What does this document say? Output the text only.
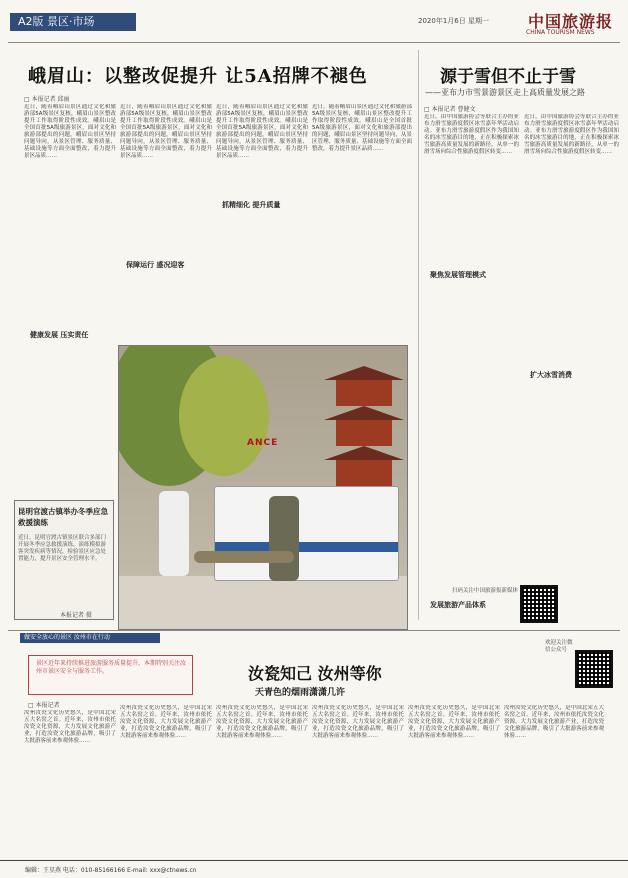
A2版 景区·市场	2020年1月6日 星期一 中国旅游报
CHINA TOURISM NEWS
峨眉山：以整改促提升 让5A招牌不褪色
□ 本报记者 邱丽
近日，随着峨眉山景区通过文化和旅游部5A级景区复核，峨眉山景区整改提升工作取得阶段性成效。峨眉山是全国首批5A级旅游景区，面对文化和旅游部提出的问题，峨眉山景区坚持问题导向，从景区管理、服务质量、基础设施等方面全面整改，着力提升景区品质……
健康发展 压实责任
近日，随着峨眉山景区通过文化和旅游部5A级景区复核，峨眉山景区整改提升工作取得阶段性成效。峨眉山是全国首批5A级旅游景区，面对文化和旅游部提出的问题，峨眉山景区坚持问题导向，从景区管理、服务质量、基础设施等方面全面整改，着力提升景区品质……
保障运行 盛况迎客
近日，随着峨眉山景区通过文化和旅游部5A级景区复核，峨眉山景区整改提升工作取得阶段性成效。峨眉山是全国首批5A级旅游景区，面对文化和旅游部提出的问题，峨眉山景区坚持问题导向，从景区管理、服务质量、基础设施等方面全面整改，着力提升景区品质……
抓精细化 提升质量
近日，随着峨眉山景区通过文化和旅游部5A级景区复核，峨眉山景区整改提升工作取得阶段性成效。峨眉山是全国首批5A级旅游景区，面对文化和旅游部提出的问题，峨眉山景区坚持问题导向，从景区管理、服务质量、基础设施等方面全面整改，着力提升景区品质……
源于雪但不止于雪
——亚布力市雪景游景区走上高质量发展之路
□ 本报记者 曹健文
近日，由中国旅游协会等联合主办的亚布力滑雪旅游度假区冰雪嘉年华活动启动。亚布力滑雪旅游度假区作为我国知名的冰雪旅游目的地，正在积极探索冰雪旅游高质量发展的新路径，从单一的滑雪场向综合性旅游度假区转变……
聚焦发展管理模式
发展旅游产品体系
近日，由中国旅游协会等联合主办的亚布力滑雪旅游度假区冰雪嘉年华活动启动。亚布力滑雪旅游度假区作为我国知名的冰雪旅游目的地，正在积极探索冰雪旅游高质量发展的新路径，从单一的滑雪场向综合性旅游度假区转变……
扩大冰雪消费
扫码关注中国旅游报新媒体
ANCE
昆明官渡古镇举办冬季应急救援演练
近日，昆明官渡古镇景区联合多部门开展冬季应急救援演练，演练模拟游客突发疾病等情况，检验景区应急处置能力，提升景区安全管理水平。
本报记者 摄
做安全放心的景区 汝州市在行动
景区近年来持续推进旅游服务质量提升，本期特别关注汝州市景区安全与服务工作。	汝瓷知己 汝州等你
天青色的烟雨潇潇几许
□ 本报记者
汝州汝瓷文化历史悠久，是中国北宋五大名窑之首。近年来，汝州市依托汝瓷文化资源，大力发展文化旅游产业，打造汝瓷文化旅游品牌，吸引了大批游客前来参观体验……
汝州汝瓷文化历史悠久，是中国北宋五大名窑之首。近年来，汝州市依托汝瓷文化资源，大力发展文化旅游产业，打造汝瓷文化旅游品牌，吸引了大批游客前来参观体验……
汝州汝瓷文化历史悠久，是中国北宋五大名窑之首。近年来，汝州市依托汝瓷文化资源，大力发展文化旅游产业，打造汝瓷文化旅游品牌，吸引了大批游客前来参观体验……
汝州汝瓷文化历史悠久，是中国北宋五大名窑之首。近年来，汝州市依托汝瓷文化资源，大力发展文化旅游产业，打造汝瓷文化旅游品牌，吸引了大批游客前来参观体验……
汝州汝瓷文化历史悠久，是中国北宋五大名窑之首。近年来，汝州市依托汝瓷文化资源，大力发展文化旅游产业，打造汝瓷文化旅游品牌，吸引了大批游客前来参观体验……
汝州汝瓷文化历史悠久，是中国北宋五大名窑之首。近年来，汝州市依托汝瓷文化资源，大力发展文化旅游产业，打造汝瓷文化旅游品牌，吸引了大批游客前来参观体验……
欢迎关注微信公众号
编辑：王星燕 电话：010-85166166 E-mail: xxx@ctnews.cn
